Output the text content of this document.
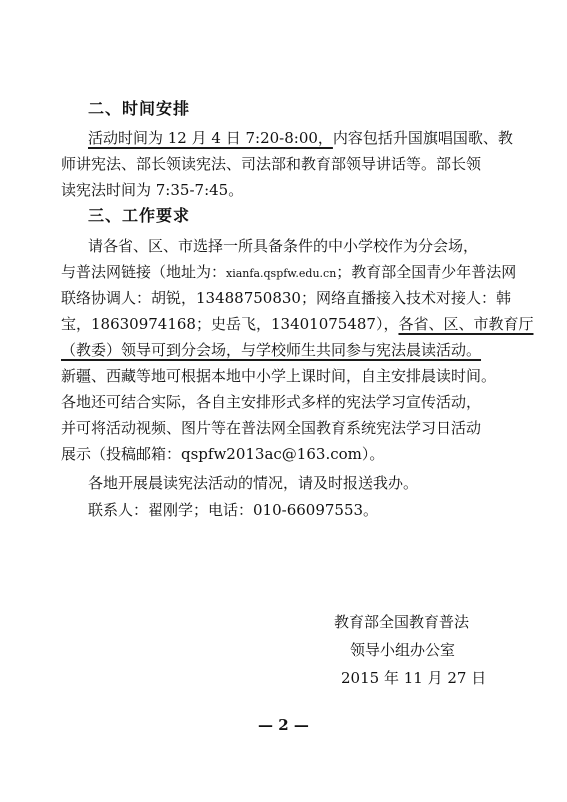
二、时间安排
活动时间为 12 月 4 日 7:20-8:00，内容包括升国旗唱国歌、教
师讲宪法、部长领读宪法、司法部和教育部领导讲话等。部长领
读宪法时间为 7:35-7:45。
三、工作要求
请各省、区、市选择一所具备条件的中小学校作为分会场，
与普法网链接（地址为：xianfa.qspfw.edu.cn；教育部全国青少年普法网
联络协调人：胡锐，13488750830；网络直播接入技术对接人：韩
宝，18630974168；史岳飞，13401075487），各省、区、市教育厅
（教委）领导可到分会场，与学校师生共同参与宪法晨读活动。
新疆、西藏等地可根据本地中小学上课时间，自主安排晨读时间。
各地还可结合实际，各自主安排形式多样的宪法学习宣传活动，
并可将活动视频、图片等在普法网全国教育系统宪法学习日活动
展示（投稿邮箱：qspfw2013ac@163.com）。
各地开展晨读宪法活动的情况，请及时报送我办。
联系人：翟刚学；电话：010-66097553。
教育部全国教育普法
领导小组办公室
2015 年 11 月 27 日
— 2 —
